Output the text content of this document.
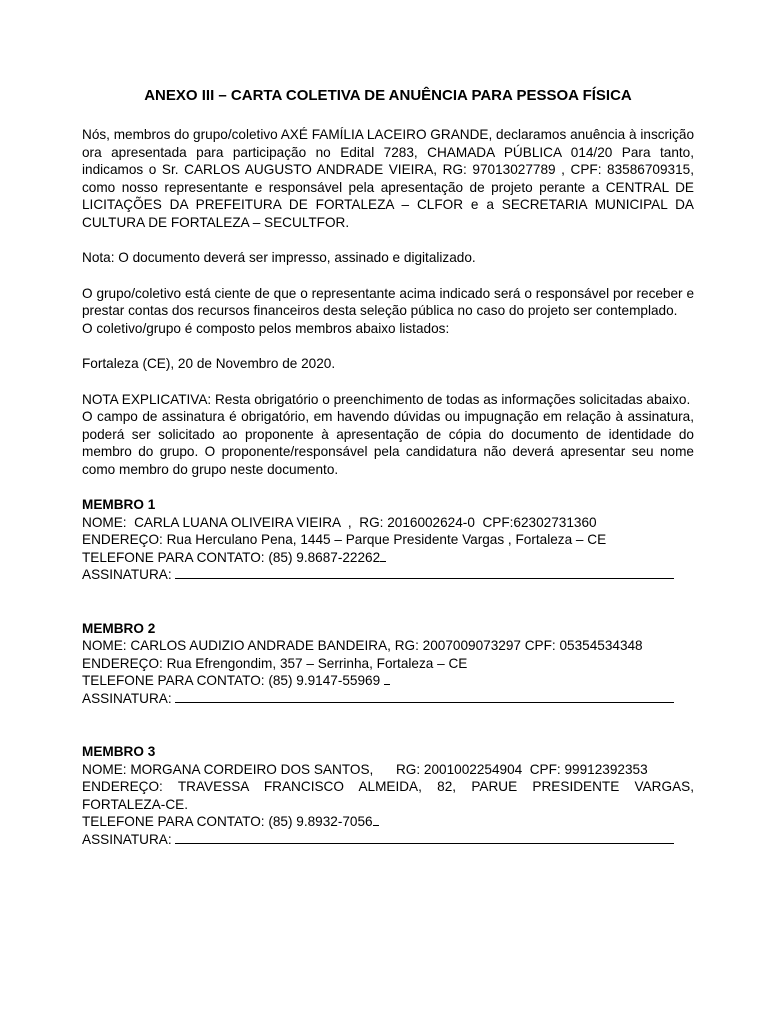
ANEXO III – CARTA COLETIVA DE ANUÊNCIA PARA PESSOA FÍSICA

Nós, membros do grupo/coletivo AXÉ FAMÍLIA LACEIRO GRANDE, declaramos anuência à inscrição ora apresentada para participação no Edital 7283, CHAMADA PÚBLICA 014/20 Para tanto, indicamos o Sr. CARLOS AUGUSTO ANDRADE VIEIRA, RG: 97013027789 , CPF: 83586709315, como nosso representante e responsável pela apresentação de projeto perante a CENTRAL DE LICITAÇÕES DA PREFEITURA DE FORTALEZA – CLFOR e a SECRETARIA MUNICIPAL DA CULTURA DE FORTALEZA – SECULTFOR.

Nota: O documento deverá ser impresso, assinado e digitalizado.

O grupo/coletivo está ciente de que o representante acima indicado será o responsável por receber e prestar contas dos recursos financeiros desta seleção pública no caso do projeto ser contemplado.

O coletivo/grupo é composto pelos membros abaixo listados:

Fortaleza (CE), 20 de Novembro de 2020.

NOTA EXPLICATIVA: Resta obrigatório o preenchimento de todas as informações solicitadas abaixo.

O campo de assinatura é obrigatório, em havendo dúvidas ou impugnação em relação à assinatura, poderá ser solicitado ao proponente à apresentação de cópia do documento de identidade do membro do grupo. O proponente/responsável pela candidatura não deverá apresentar seu nome como membro do grupo neste documento.

MEMBRO 1

NOME:  CARLA LUANA OLIVEIRA VIEIRA  ,  RG: 2016002624-0  CPF:62302731360

ENDEREÇO: Rua Herculano Pena, 1445 – Parque Presidente Vargas , Fortaleza – CE

TELEFONE PARA CONTATO: (85) 9.8687-22262

ASSINATURA:

MEMBRO 2

NOME: CARLOS AUDIZIO ANDRADE BANDEIRA, RG: 2007009073297 CPF: 05354534348

ENDEREÇO: Rua Efrengondim, 357 – Serrinha, Fortaleza – CE

TELEFONE PARA CONTATO: (85) 9.9147-55969

ASSINATURA:

MEMBRO 3

NOME: MORGANA CORDEIRO DOS SANTOS,      RG: 2001002254904  CPF: 99912392353

ENDEREÇO: TRAVESSA FRANCISCO ALMEIDA, 82, PARUE PRESIDENTE VARGAS, FORTALEZA-CE.

TELEFONE PARA CONTATO: (85) 9.8932-7056

ASSINATURA:
